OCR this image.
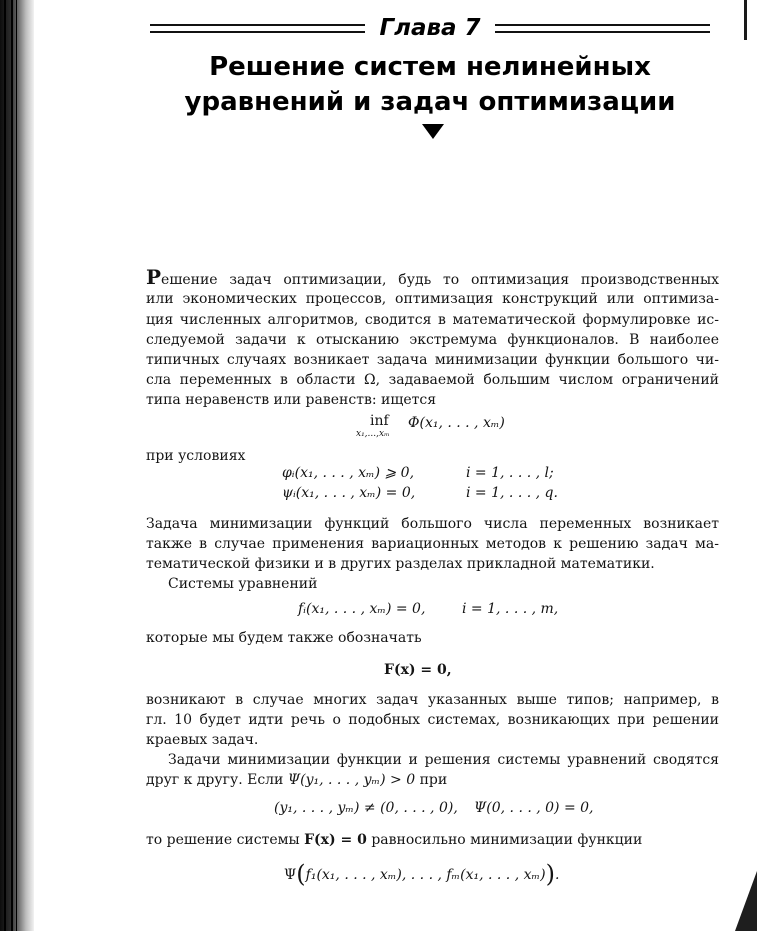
Глава 7
Решение систем нелинейных
уравнений и задач оптимизации
Решение задач оптимизации, будь то оптимизация производственных
или экономических процессов, оптимизация конструкций или оптимиза-
ция численных алгоритмов, сводится в математической формулировке ис-
следуемой задачи к отысканию экстремума функционалов. В наиболее
типичных случаях возникает задача минимизации функции большого чи-
сла переменных в области Ω, задаваемой большим числом ограничений
типа неравенств или равенств: ищется
inf
x₁,...,xₘ
Φ(x₁, . . . , xₘ)
при условиях
φᵢ(x₁, . . . , xₘ) ⩾ 0,	i = 1, . . . , l;
ψᵢ(x₁, . . . , xₘ) = 0,	i = 1, . . . , q.
Задача минимизации функций большого числа переменных возникает
также в случае применения вариационных методов к решению задач ма-
тематической физики и в других разделах прикладной математики.
Системы уравнений
fᵢ(x₁, . . . , xₘ) = 0,	i = 1, . . . , m,
которые мы будем также обозначать
F(x) = 0,
возникают в случае многих задач указанных выше типов; например, в
гл. 10 будет идти речь о подобных системах, возникающих при решении
краевых задач.
Задачи минимизации функции и решения системы уравнений сводятся
друг к другу. Если Ψ(y₁, . . . , yₘ) > 0 при
(y₁, . . . , yₘ) ≠ (0, . . . , 0), Ψ(0, . . . , 0) = 0,
то решение системы F(x) = 0 равносильно минимизации функции
Ψ(f₁(x₁, . . . , xₘ), . . . , fₘ(x₁, . . . , xₘ)).
